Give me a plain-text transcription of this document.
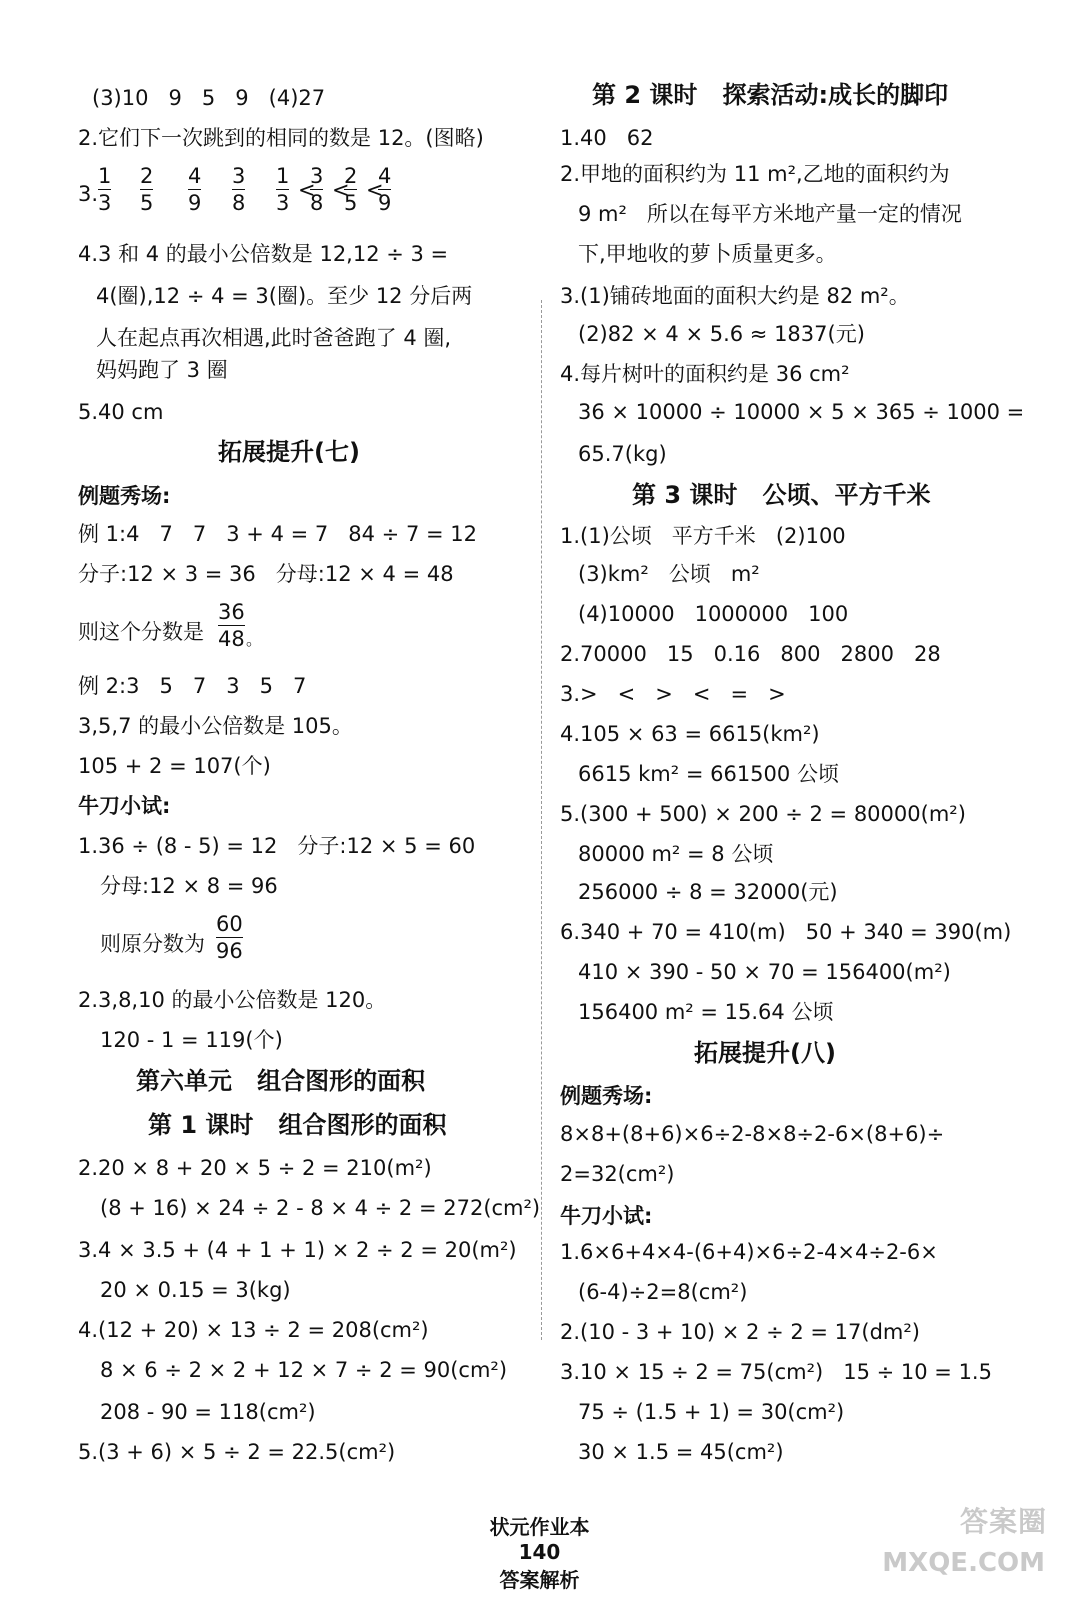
(3)10   9   5   9   (4)27
2.它们下一次跳到的相同的数是 12。(图略)
3.
1
3
2
5
4
9
3
8
1
3
3
8
2
5
4
9
< < <
4.3 和 4 的最小公倍数是 12,12 ÷ 3 =
4(圈),12 ÷ 4 = 3(圈)。至少 12 分后两
人在起点再次相遇,此时爸爸跑了 4 圈,
妈妈跑了 3 圈
5.40 cm
拓展提升(七)
例题秀场:
例 1:4   7   7   3 + 4 = 7   84 ÷ 7 = 12
分子:12 × 3 = 36   分母:12 × 4 = 48
则这个分数是
36
48 。
例 2:3   5   7   3   5   7
3,5,7 的最小公倍数是 105。
105 + 2 = 107(个)
牛刀小试:
1.36 ÷ (8 - 5) = 12   分子:12 × 5 = 60
分母:12 × 8 = 96
则原分数为
60
96
2.3,8,10 的最小公倍数是 120。
120 - 1 = 119(个)
第六单元   组合图形的面积
第 1 课时   组合图形的面积
2.20 × 8 + 20 × 5 ÷ 2 = 210(m²)
(8 + 16) × 24 ÷ 2 - 8 × 4 ÷ 2 = 272(cm²)
3.4 × 3.5 + (4 + 1 + 1) × 2 ÷ 2 = 20(m²)
20 × 0.15 = 3(kg)
4.(12 + 20) × 13 ÷ 2 = 208(cm²)
8 × 6 ÷ 2 × 2 + 12 × 7 ÷ 2 = 90(cm²)
208 - 90 = 118(cm²)
5.(3 + 6) × 5 ÷ 2 = 22.5(cm²)
第 2 课时   探索活动:成长的脚印
1.40   62
2.甲地的面积约为 11 m²,乙地的面积约为
9 m²   所以在每平方米地产量一定的情况
下,甲地收的萝卜质量更多。
3.(1)铺砖地面的面积大约是 82 m²。
(2)82 × 4 × 5.6 ≈ 1837(元)
4.每片树叶的面积约是 36 cm²
36 × 10000 ÷ 10000 × 5 × 365 ÷ 1000 =
65.7(kg)
第 3 课时   公顷、平方千米
1.(1)公顷   平方千米   (2)100
(3)km²   公顷   m²
(4)10000   1000000   100
2.70000   15   0.16   800   2800   28
3.>   <   >   <   =   >
4.105 × 63 = 6615(km²)
6615 km² = 661500 公顷
5.(300 + 500) × 200 ÷ 2 = 80000(m²)
80000 m² = 8 公顷
256000 ÷ 8 = 32000(元)
6.340 + 70 = 410(m)   50 + 340 = 390(m)
410 × 390 - 50 × 70 = 156400(m²)
156400 m² = 15.64 公顷
拓展提升(八)
例题秀场:
8×8+(8+6)×6÷2-8×8÷2-6×(8+6)÷
2=32(cm²)
牛刀小试:
1.6×6+4×4-(6+4)×6÷2-4×4÷2-6×
(6-4)÷2=8(cm²)
2.(10 - 3 + 10) × 2 ÷ 2 = 17(dm²)
3.10 × 15 ÷ 2 = 75(cm²)   15 ÷ 10 = 1.5
75 ÷ (1.5 + 1) = 30(cm²)
30 × 1.5 = 45(cm²)

状元作业本
140
答案解析

答案圈
MXQE.COM
